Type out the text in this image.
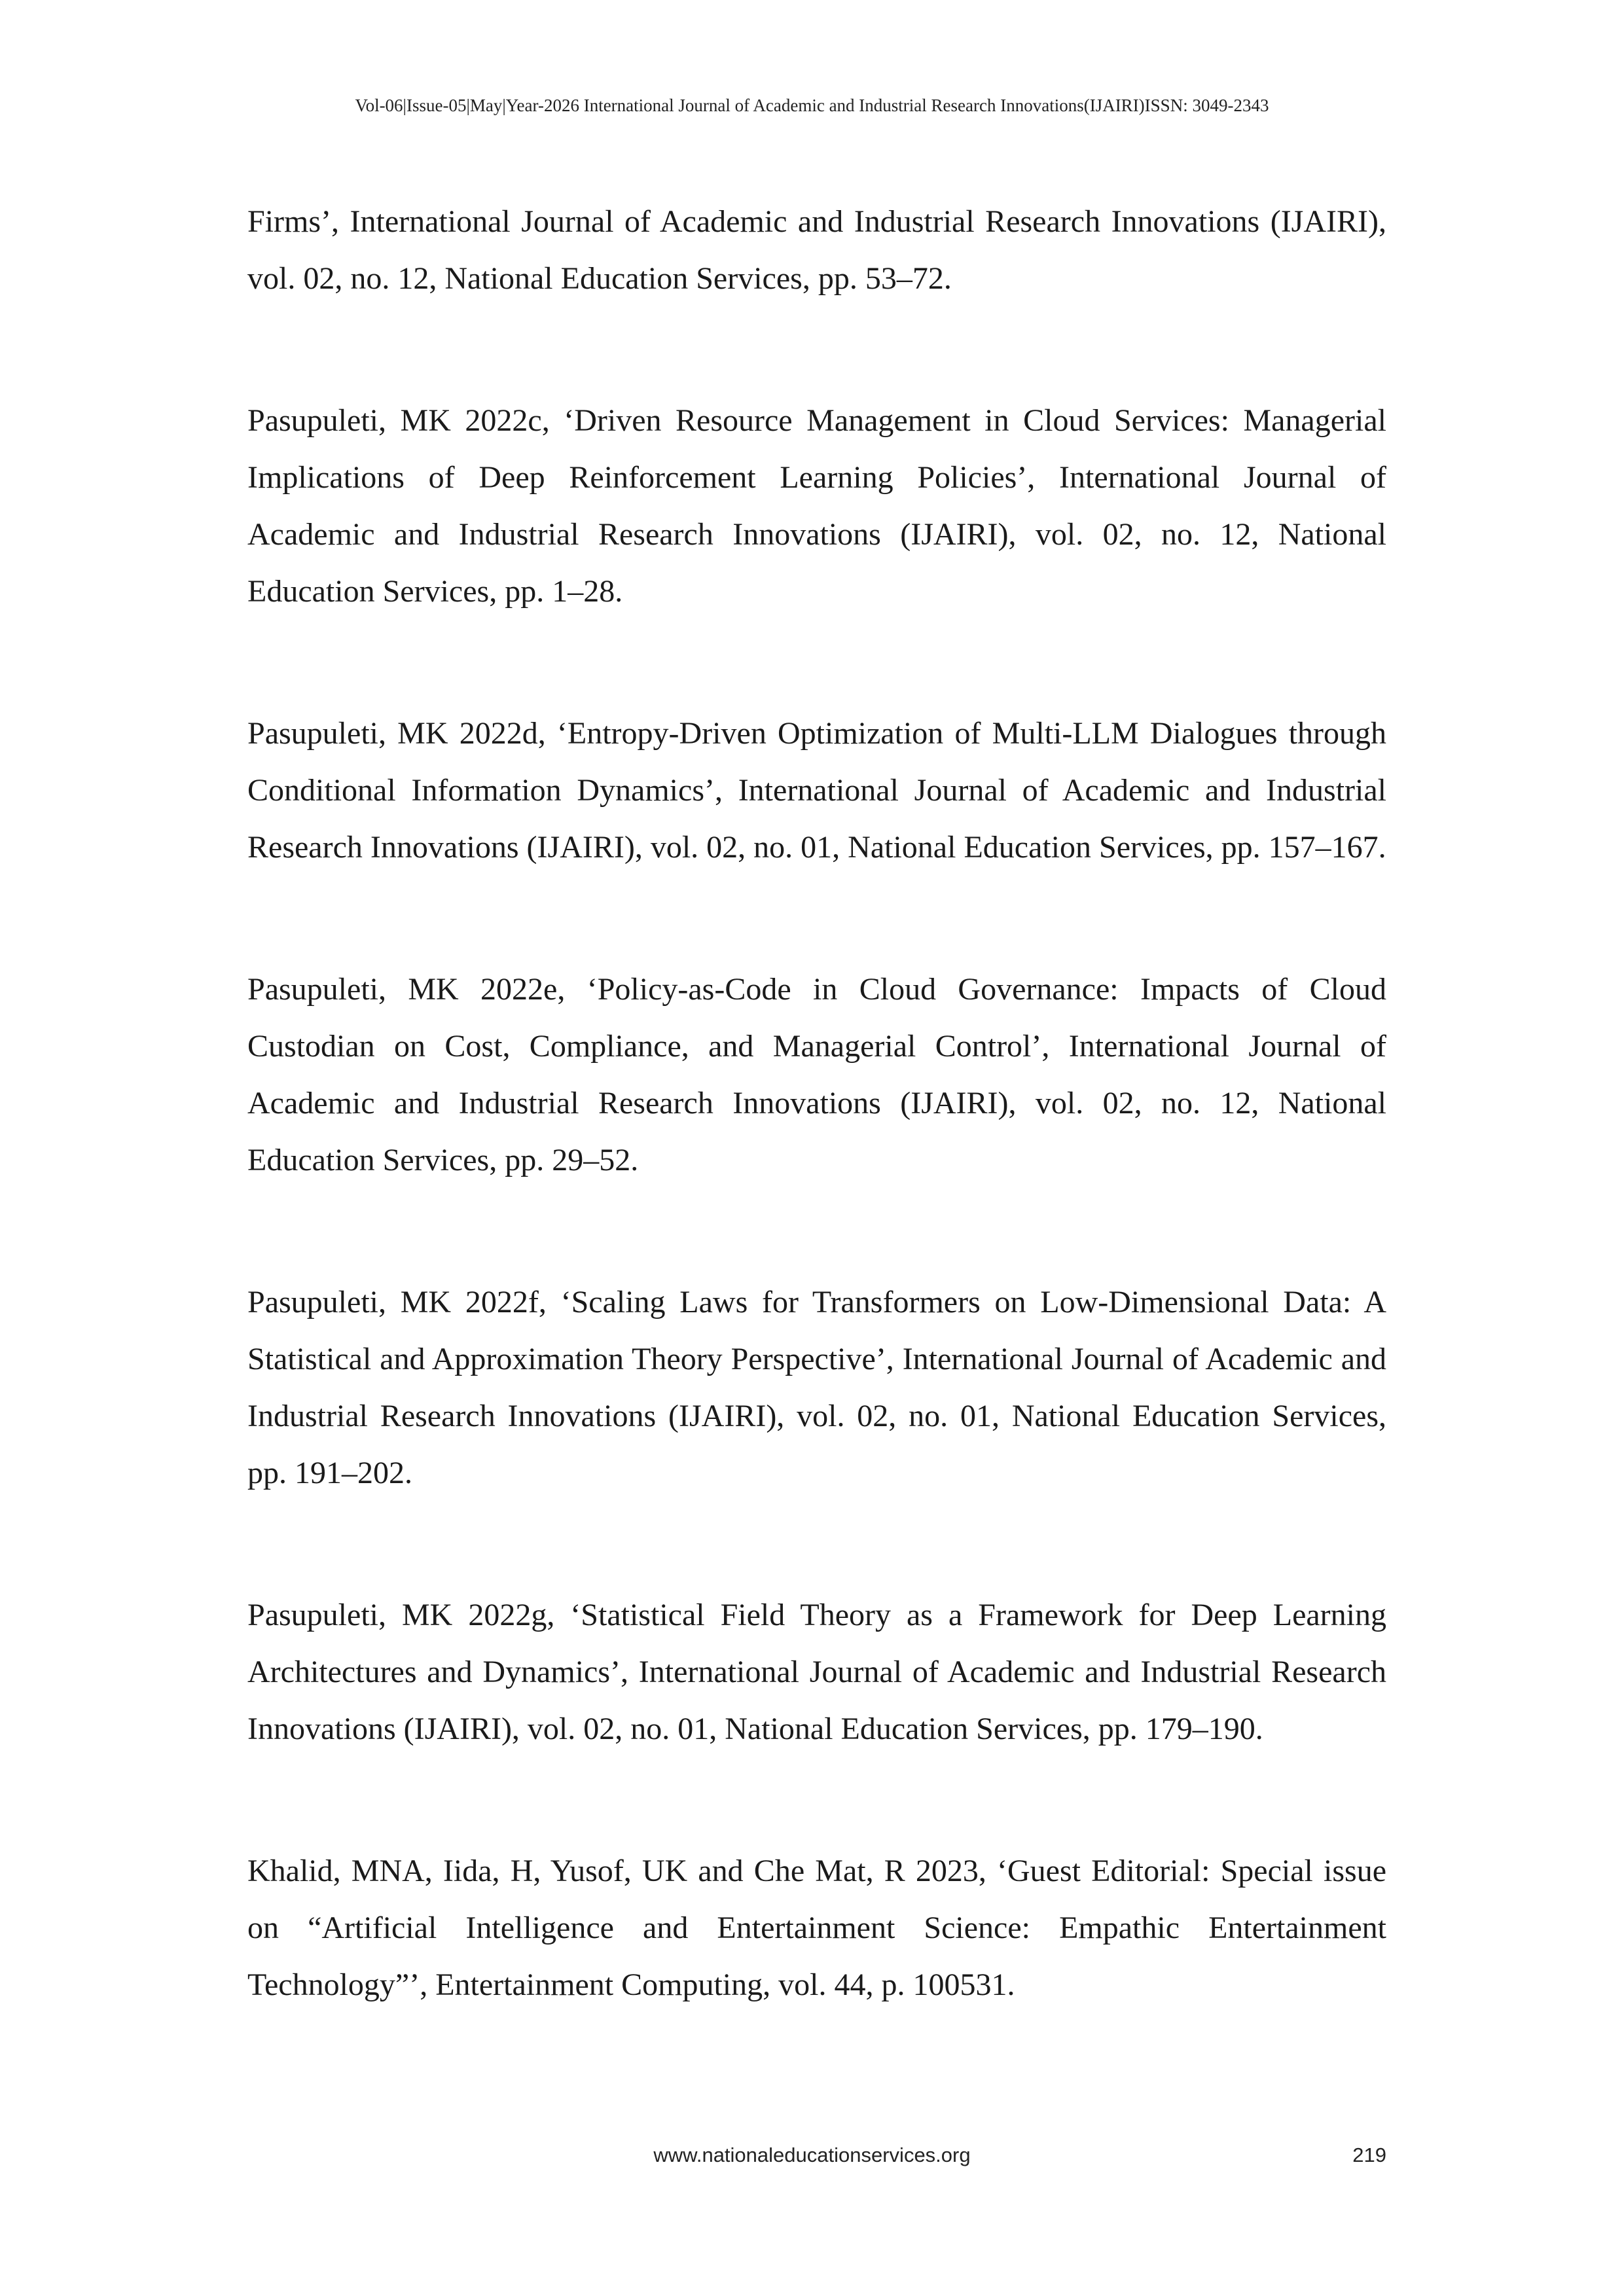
Vol-06|Issue-05|May|Year-2026 International Journal of Academic and Industrial Research Innovations(IJAIRI)ISSN: 3049-2343

Firms’, International Journal of Academic and Industrial Research Innovations (IJAIRI), vol. 02, no. 12, National Education Services, pp. 53–72.

Pasupuleti, MK 2022c, ‘Driven Resource Management in Cloud Services: Managerial Implications of Deep Reinforcement Learning Policies’, International Journal of Academic and Industrial Research Innovations (IJAIRI), vol. 02, no. 12, National Education Services, pp. 1–28.

Pasupuleti, MK 2022d, ‘Entropy-Driven Optimization of Multi-LLM Dialogues through Conditional Information Dynamics’, International Journal of Academic and Industrial Research Innovations (IJAIRI), vol. 02, no. 01, National Education Services, pp. 157–167.

Pasupuleti, MK 2022e, ‘Policy-as-Code in Cloud Governance: Impacts of Cloud Custodian on Cost, Compliance, and Managerial Control’, International Journal of Academic and Industrial Research Innovations (IJAIRI), vol. 02, no. 12, National Education Services, pp. 29–52.

Pasupuleti, MK 2022f, ‘Scaling Laws for Transformers on Low-Dimensional Data: A Statistical and Approximation Theory Perspective’, International Journal of Academic and Industrial Research Innovations (IJAIRI), vol. 02, no. 01, National Education Services, pp. 191–202.

Pasupuleti, MK 2022g, ‘Statistical Field Theory as a Framework for Deep Learning Architectures and Dynamics’, International Journal of Academic and Industrial Research Innovations (IJAIRI), vol. 02, no. 01, National Education Services, pp. 179–190.

Khalid, MNA, Iida, H, Yusof, UK and Che Mat, R 2023, ‘Guest Editorial: Special issue on “Artificial Intelligence and Entertainment Science: Empathic Entertainment Technology”’, Entertainment Computing, vol. 44, p. 100531.

www.nationaleducationservices.org	219
